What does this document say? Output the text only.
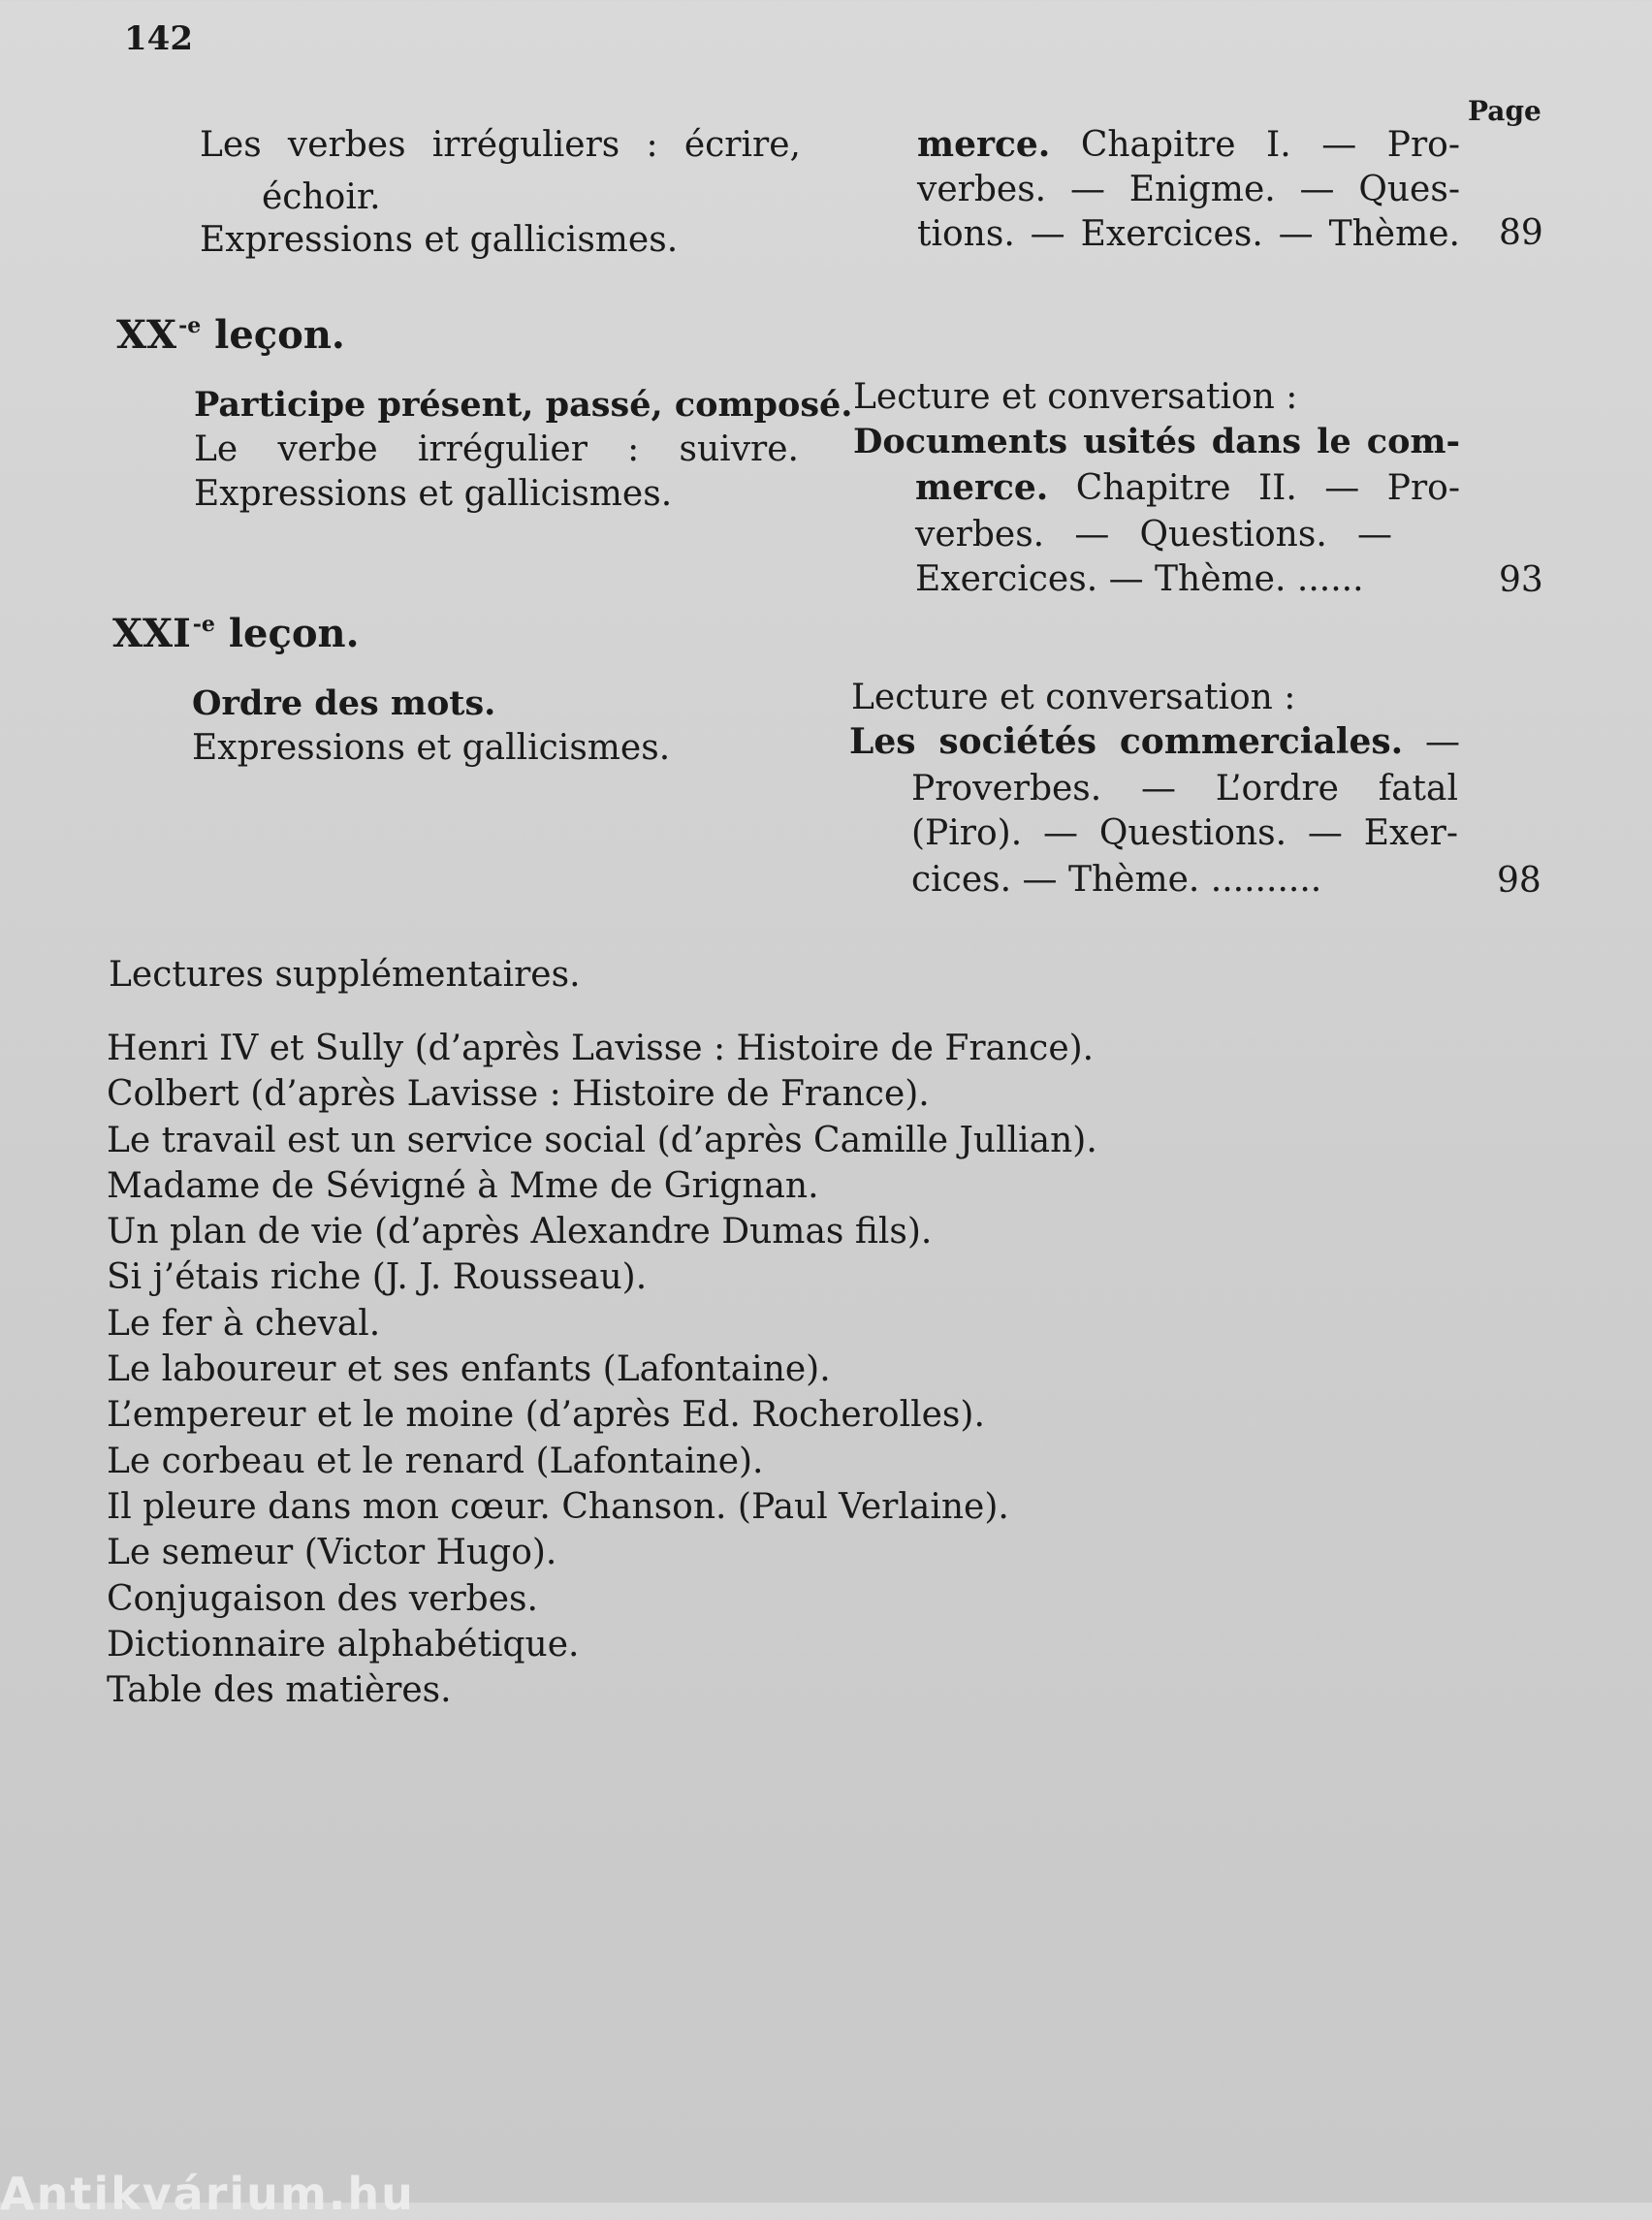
142
Page
Les verbes irréguliers : écrire,
échoir.
Expressions et gallicismes.
merce. Chapitre I. — Pro-
verbes. — Enigme. — Ques-
tions. — Exercices. — Thème. 89
$XX^{-e}$ leçon.
Participe présent, passé, composé.
Le verbe irrégulier : suivre.
Expressions et gallicismes.
Lecture et conversation :
Documents usités dans le com-
merce. Chapitre II. — Pro-
verbes. — Questions. —
Exercices. — Thème. ......	93
$XXI^{-e}$ leçon.
Ordre des mots.
Expressions et gallicismes.
Lecture et conversation :
Les sociétés commerciales. —
Proverbes. — L’ordre fatal
(Piro). — Questions. — Exer-
cices. — Thème. ..........	98
Lectures supplémentaires.
Henri IV et Sully (d’après Lavisse : Histoire de France).
Colbert (d’après Lavisse : Histoire de France).
Le travail est un service social (d’après Camille Jullian).
Madame de Sévigné à Mme de Grignan.
Un plan de vie (d’après Alexandre Dumas fils).
Si j’étais riche (J. J. Rousseau).
Le fer à cheval.
Le laboureur et ses enfants (Lafontaine).
L’empereur et le moine (d’après Ed. Rocherolles).
Le corbeau et le renard (Lafontaine).
Il pleure dans mon cœur. Chanson. (Paul Verlaine).
Le semeur (Victor Hugo).
Conjugaison des verbes.
Dictionnaire alphabétique.
Table des matières.
Antikvárium.hu
